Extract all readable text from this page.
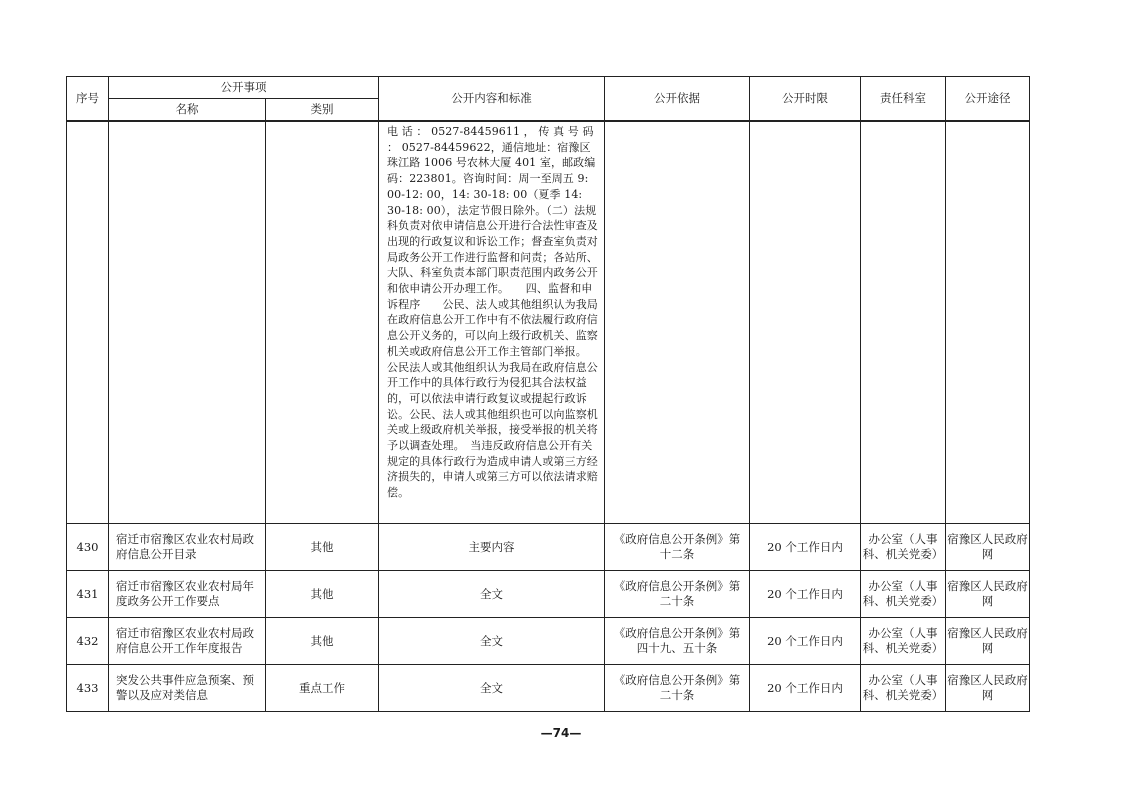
序号	公开事项		公开内容和标准	公开依据	公开时限	责任科室	公开途径
	名称	类别					
			电 话 ： 0527-84459611 ， 传 真 号 码 ： 0527-84459622，通信地址：宿豫区珠江路 1006 号农林大厦 401 室，邮政编码：223801。咨询时间：周一至周五 9: 00-12: 00，14: 30-18: 00（夏季 14: 30-18: 00），法定节假日除外。（二）法规科负责对依申请信息公开进行合法性审查及出现的行政复议和诉讼工作；督查室负责对局政务公开工作进行监督和问责；各站所、大队、科室负责本部门职责范围内政务公开和依申请公开办理工作。　　四、监督和申诉程序　　公民、法人或其他组织认为我局在政府信息公开工作中有不依法履行政府信息公开义务的，可以向上级行政机关、监察机关或政府信息公开工作主管部门举报。　　公民法人或其他组织认为我局在政府信息公开工作中的具体行政行为侵犯其合法权益的，可以依法申请行政复议或提起行政诉讼。公民、法人或其他组织也可以向监察机关或上级政府机关举报，接受举报的机关将予以调查处理。　当违反政府信息公开有关规定的具体行政行为造成申请人或第三方经济损失的，申请人或第三方可以依法请求赔偿。				
430	宿迁市宿豫区农业农村局政府信息公开目录	其他	主要内容	《政府信息公开条例》第十二条	20 个工作日内	办公室（人事科、机关党委）	宿豫区人民政府网
431	宿迁市宿豫区农业农村局年度政务公开工作要点	其他	全文	《政府信息公开条例》第二十条	20 个工作日内	办公室（人事科、机关党委）	宿豫区人民政府网
432	宿迁市宿豫区农业农村局政府信息公开工作年度报告	其他	全文	《政府信息公开条例》第四十九、五十条	20 个工作日内	办公室（人事科、机关党委）	宿豫区人民政府网
433	突发公共事件应急预案、预警以及应对类信息	重点工作	全文	《政府信息公开条例》第二十条	20 个工作日内	办公室（人事科、机关党委）	宿豫区人民政府网
—74—
